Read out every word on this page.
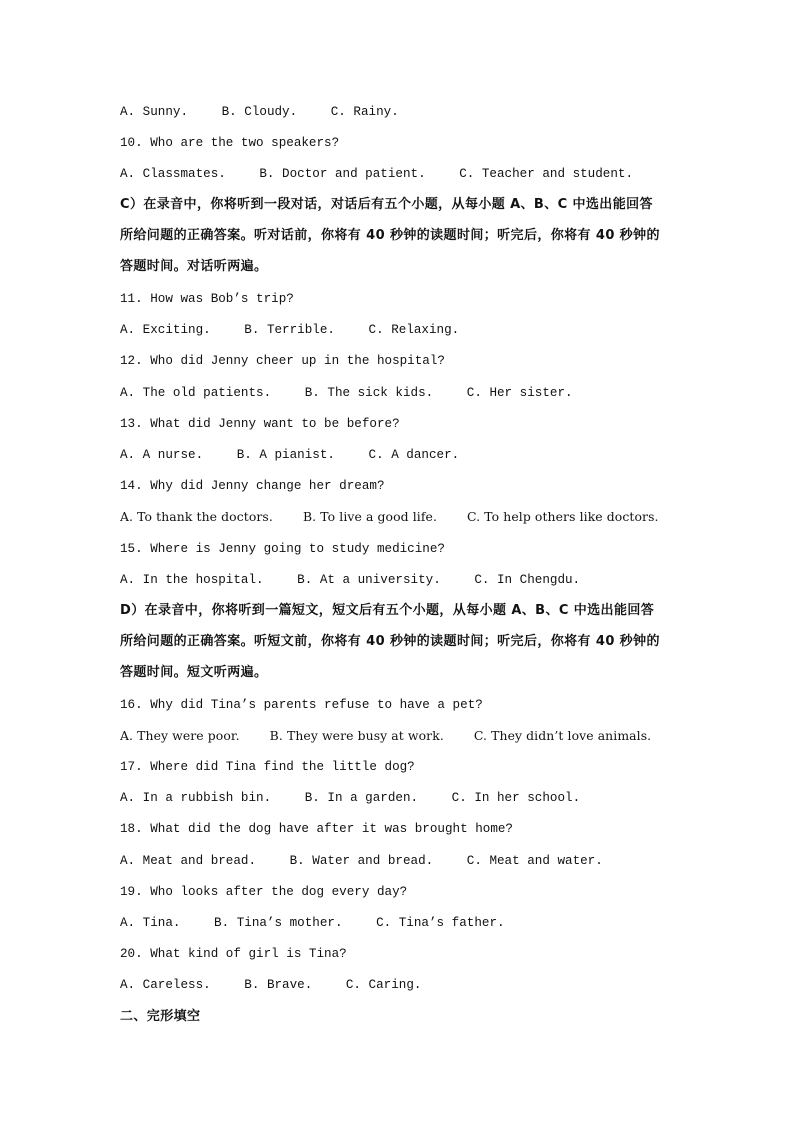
A. Sunny.	B. Cloudy.	C. Rainy.
10. Who are the two speakers?
A. Classmates.	B. Doctor and patient.	C. Teacher and student.
C）在录音中，你将听到一段对话，对话后有五个小题，从每小题 A、B、C 中选出能回答
所给问题的正确答案。听对话前，你将有 40 秒钟的读题时间；听完后，你将有 40 秒钟的
答题时间。对话听两遍。
11. How was Bob’s trip?
A. Exciting.	B. Terrible.	C. Relaxing.
12. Who did Jenny cheer up in the hospital?
A. The old patients.	B. The sick kids.	C. Her sister.
13. What did Jenny want to be before?
A. A nurse.	B. A pianist.	C. A dancer.
14. Why did Jenny change her dream?
A. To thank the doctors. B. To live a good life. C. To help others like doctors.
15. Where is Jenny going to study medicine?
A. In the hospital.	B. At a university.	C. In Chengdu.
D）在录音中，你将听到一篇短文，短文后有五个小题，从每小题 A、B、C 中选出能回答
所给问题的正确答案。听短文前，你将有 40 秒钟的读题时间；听完后，你将有 40 秒钟的
答题时间。短文听两遍。
16. Why did Tina’s parents refuse to have a pet?
A. They were poor. B. They were busy at work. C. They didn’t love animals.
17. Where did Tina find the little dog?
A. In a rubbish bin.	B. In a garden.	C. In her school.
18. What did the dog have after it was brought home?
A. Meat and bread.	B. Water and bread.	C. Meat and water.
19. Who looks after the dog every day?
A. Tina.	B. Tina’s mother.	C. Tina’s father.
20. What kind of girl is Tina?
A. Careless.	B. Brave.	C. Caring.
二、完形填空
